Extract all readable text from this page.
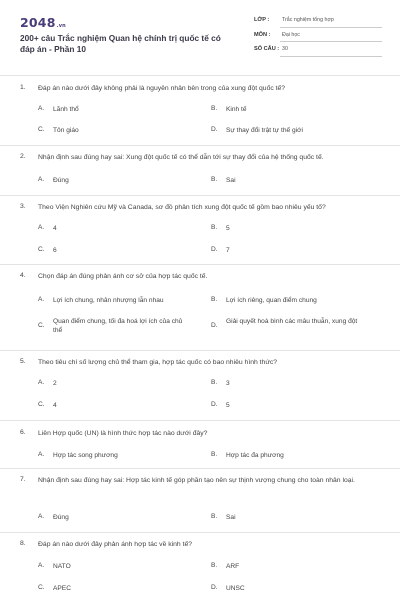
2048.vn
200+ câu Trắc nghiệm Quan hệ chính trị quốc tế có đáp án - Phần 10
LỚP : Trắc nghiệm tổng hợp
MÔN : Đại học
SỐ CÂU : 30
1. Đáp án nào dưới đây không phải là nguyên nhân bên trong của xung đột quốc tế?
A. Lãnh thổ	B. Kinh tế
C. Tôn giáo	D. Sự thay đổi trật tự thế giới
2. Nhận định sau đúng hay sai: Xung đột quốc tế có thể dẫn tới sự thay đổi của hệ thống quốc tế.
A. Đúng	B. Sai
3. Theo Viện Nghiên cứu Mỹ và Canada, sơ đồ phân tích xung đột quốc tế gồm bao nhiêu yếu tố?
A. 4	B. 5
C. 6	D. 7
4. Chọn đáp án đúng phản ánh cơ sở của hợp tác quốc tế.
A. Lợi ích chung, nhân nhượng lẫn nhau	B. Lợi ích riêng, quan điểm chung
C.
Quan điểm chung, tối đa hoá lợi ích của chủ thể
D.
Giải quyết hoà bình các mâu thuẫn, xung đột
5. Theo tiêu chí số lượng chủ thể tham gia, hợp tác quốc có bao nhiêu hình thức?
A. 2	B. 3
C. 4	D. 5
6. Liên Hợp quốc (UN) là hình thức hợp tác nào dưới đây?
A. Hợp tác song phương	B. Hợp tác đa phương
7. Nhận định sau đúng hay sai: Hợp tác kinh tế góp phần tạo nên sự thịnh vượng chung cho toàn nhân loại.
A. Đúng	B. Sai
8. Đáp án nào dưới đây phản ánh hợp tác về kinh tế?
A. NATO	B. ARF
C. APEC	D. UNSC
